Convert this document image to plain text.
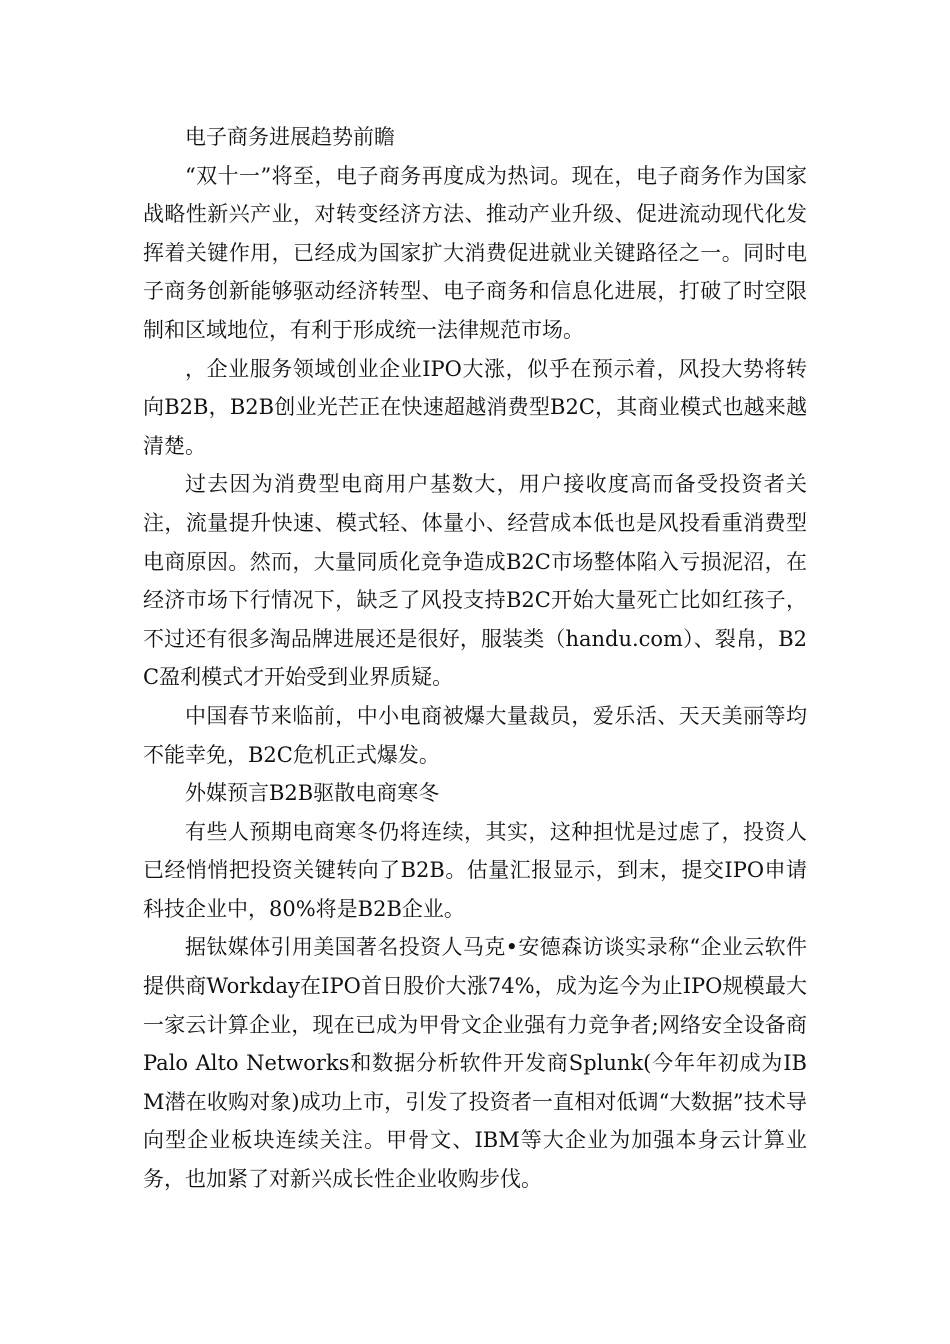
电子商务进展趋势前瞻

“双十一”将至，电子商务再度成为热词。现在，电子商务作为国家战略性新兴产业，对转变经济方法、推动产业升级、促进流动现代化发挥着关键作用，已经成为国家扩大消费促进就业关键路径之一。同时电子商务创新能够驱动经济转型、电子商务和信息化进展，打破了时空限制和区域地位，有利于形成统一法律规范市场。

，企业服务领域创业企业IPO大涨，似乎在预示着，风投大势将转向B2B，B2B创业光芒正在快速超越消费型B2C，其商业模式也越来越清楚。

过去因为消费型电商用户基数大，用户接收度高而备受投资者关注，流量提升快速、模式轻、体量小、经营成本低也是风投看重消费型电商原因。然而，大量同质化竞争造成B2C市场整体陷入亏损泥沼，在经济市场下行情况下，缺乏了风投支持B2C开始大量死亡比如红孩子，不过还有很多淘品牌进展还是很好，服装类（handu.com）、裂帛，B2C盈利模式才开始受到业界质疑。

中国春节来临前，中小电商被爆大量裁员，爱乐活、天天美丽等均不能幸免，B2C危机正式爆发。

外媒预言B2B驱散电商寒冬

有些人预期电商寒冬仍将连续，其实，这种担忧是过虑了，投资人已经悄悄把投资关键转向了B2B。估量汇报显示，到末，提交IPO申请科技企业中，80%将是B2B企业。

据钛媒体引用美国著名投资人马克•安德森访谈实录称“企业云软件提供商Workday在IPO首日股价大涨74%，成为迄今为止IPO规模最大一家云计算企业，现在已成为甲骨文企业强有力竞争者;网络安全设备商Palo Alto Networks和数据分析软件开发商Splunk(今年年初成为IBM潜在收购对象)成功上市，引发了投资者一直相对低调“大数据”技术导向型企业板块连续关注。甲骨文、IBM等大企业为加强本身云计算业务，也加紧了对新兴成长性企业收购步伐。
